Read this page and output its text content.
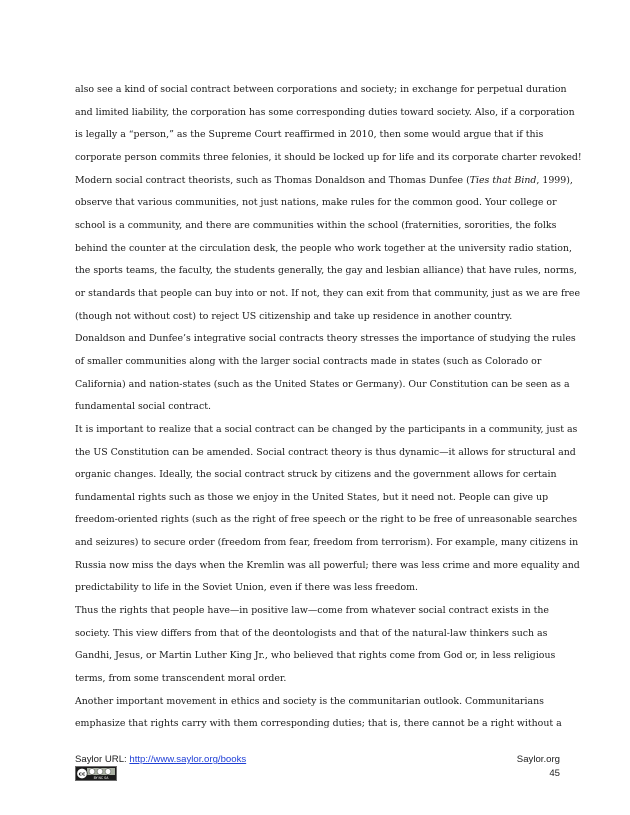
also see a kind of social contract between corporations and society; in exchange for perpetual duration
and limited liability, the corporation has some corresponding duties toward society. Also, if a corporation
is legally a “person,” as the Supreme Court reaffirmed in 2010, then some would argue that if this
corporate person commits three felonies, it should be locked up for life and its corporate charter revoked!

Modern social contract theorists, such as Thomas Donaldson and Thomas Dunfee (Ties that Bind, 1999),
observe that various communities, not just nations, make rules for the common good. Your college or
school is a community, and there are communities within the school (fraternities, sororities, the folks
behind the counter at the circulation desk, the people who work together at the university radio station,
the sports teams, the faculty, the students generally, the gay and lesbian alliance) that have rules, norms,
or standards that people can buy into or not. If not, they can exit from that community, just as we are free
(though not without cost) to reject US citizenship and take up residence in another country.

Donaldson and Dunfee’s integrative social contracts theory stresses the importance of studying the rules
of smaller communities along with the larger social contracts made in states (such as Colorado or
California) and nation-states (such as the United States or Germany). Our Constitution can be seen as a
fundamental social contract.

It is important to realize that a social contract can be changed by the participants in a community, just as
the US Constitution can be amended. Social contract theory is thus dynamic—it allows for structural and
organic changes. Ideally, the social contract struck by citizens and the government allows for certain
fundamental rights such as those we enjoy in the United States, but it need not. People can give up
freedom-oriented rights (such as the right of free speech or the right to be free of unreasonable searches
and seizures) to secure order (freedom from fear, freedom from terrorism). For example, many citizens in
Russia now miss the days when the Kremlin was all powerful; there was less crime and more equality and
predictability to life in the Soviet Union, even if there was less freedom.

Thus the rights that people have—in positive law—come from whatever social contract exists in the
society. This view differs from that of the deontologists and that of the natural-law thinkers such as
Gandhi, Jesus, or Martin Luther King Jr., who believed that rights come from God or, in less religious
terms, from some transcendent moral order.

Another important movement in ethics and society is the communitarian outlook. Communitarians
emphasize that rights carry with them corresponding duties; that is, there cannot be a right without a

Saylor URL: http://www.saylor.org/books
cc
BY NC SA
Saylor.org
45
